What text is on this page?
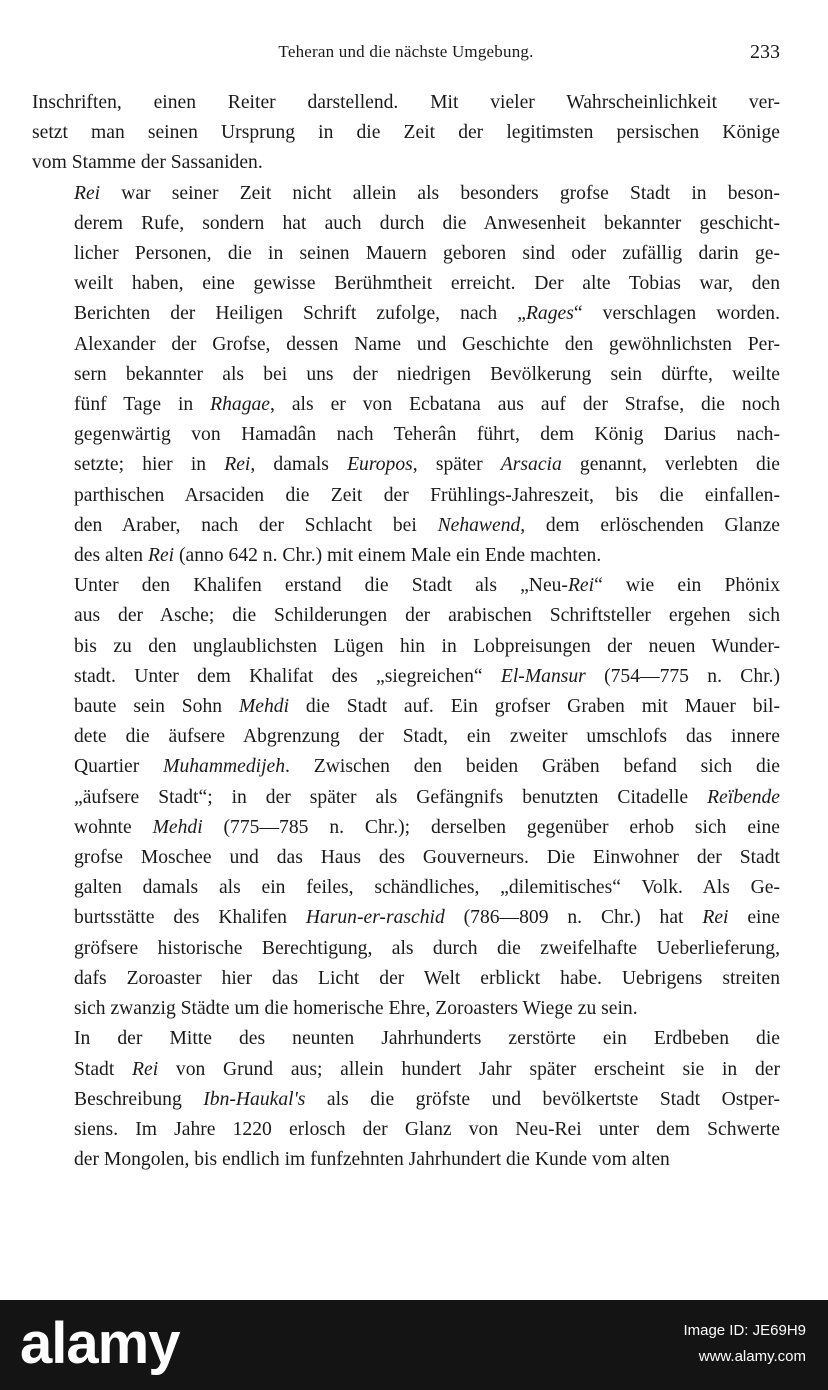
Teheran und die nächste Umgebung.	233
Inschriften, einen Reiter darstellend. Mit vieler Wahrscheinlichkeit ver-
setzt man seinen Ursprung in die Zeit der legitimsten persischen Könige
vom Stamme der Sassaniden.
Rei war seiner Zeit nicht allein als besonders grofse Stadt in beson-
derem Rufe, sondern hat auch durch die Anwesenheit bekannter geschicht-
licher Personen, die in seinen Mauern geboren sind oder zufällig darin ge-
weilt haben, eine gewisse Berühmtheit erreicht. Der alte Tobias war, den
Berichten der Heiligen Schrift zufolge, nach „Rages“ verschlagen worden.
Alexander der Grofse, dessen Name und Geschichte den gewöhnlichsten Per-
sern bekannter als bei uns der niedrigen Bevölkerung sein dürfte, weilte
fünf Tage in Rhagae, als er von Ecbatana aus auf der Strafse, die noch
gegenwärtig von Hamadân nach Teherân führt, dem König Darius nach-
setzte; hier in Rei, damals Europos, später Arsacia genannt, verlebten die
parthischen Arsaciden die Zeit der Frühlings-Jahreszeit, bis die einfallen-
den Araber, nach der Schlacht bei Nehawend, dem erlöschenden Glanze
des alten Rei (anno 642 n. Chr.) mit einem Male ein Ende machten.
Unter den Khalifen erstand die Stadt als „Neu-Rei“ wie ein Phönix
aus der Asche; die Schilderungen der arabischen Schriftsteller ergehen sich
bis zu den unglaublichsten Lügen hin in Lobpreisungen der neuen Wunder-
stadt. Unter dem Khalifat des „siegreichen“ El-Mansur (754—775 n. Chr.)
baute sein Sohn Mehdi die Stadt auf. Ein grofser Graben mit Mauer bil-
dete die äufsere Abgrenzung der Stadt, ein zweiter umschlofs das innere
Quartier Muhammedijeh. Zwischen den beiden Gräben befand sich die
„äufsere Stadt“; in der später als Gefängnifs benutzten Citadelle Reïbende
wohnte Mehdi (775—785 n. Chr.); derselben gegenüber erhob sich eine
grofse Moschee und das Haus des Gouverneurs. Die Einwohner der Stadt
galten damals als ein feiles, schändliches, „dilemitisches“ Volk. Als Ge-
burtsstätte des Khalifen Harun-er-raschid (786—809 n. Chr.) hat Rei eine
gröfsere historische Berechtigung, als durch die zweifelhafte Ueberlieferung,
dafs Zoroaster hier das Licht der Welt erblickt habe. Uebrigens streiten
sich zwanzig Städte um die homerische Ehre, Zoroasters Wiege zu sein.
In der Mitte des neunten Jahrhunderts zerstörte ein Erdbeben die
Stadt Rei von Grund aus; allein hundert Jahr später erscheint sie in der
Beschreibung Ibn-Haukal's als die gröfste und bevölkertste Stadt Ostper-
siens. Im Jahre 1220 erlosch der Glanz von Neu-Rei unter dem Schwerte
der Mongolen, bis endlich im funfzehnten Jahrhundert die Kunde vom alten
alamy	Image ID: JE69H9
www.alamy.com
